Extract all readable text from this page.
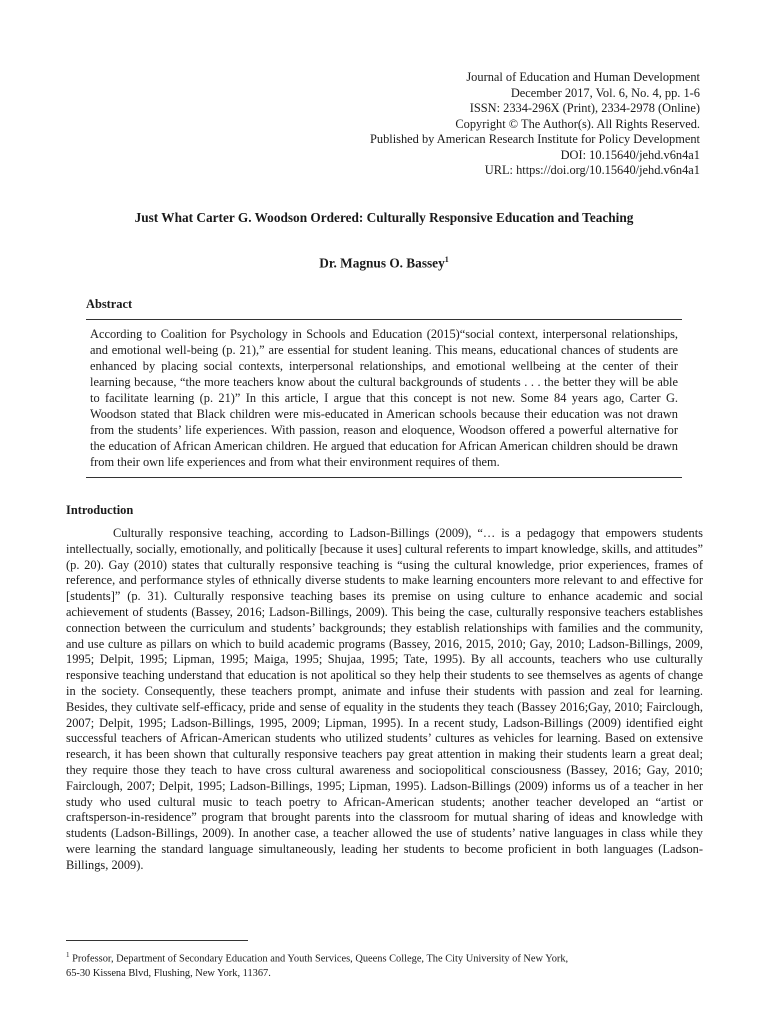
Journal of Education and Human Development
December 2017, Vol. 6, No. 4, pp. 1-6
ISSN: 2334-296X (Print), 2334-2978 (Online)
Copyright © The Author(s). All Rights Reserved.
Published by American Research Institute for Policy Development
DOI: 10.15640/jehd.v6n4a1
URL: https://doi.org/10.15640/jehd.v6n4a1
Just What Carter G. Woodson Ordered: Culturally Responsive Education and Teaching
Dr. Magnus O. Bassey$^1$
Abstract
According to Coalition for Psychology in Schools and Education (2015)“social context, interpersonal relationships, and emotional well-being (p. 21),” are essential for student leaning. This means, educational chances of students are enhanced by placing social contexts, interpersonal relationships, and emotional wellbeing at the center of their learning because, “the more teachers know about the cultural backgrounds of students . . . the better they will be able to facilitate learning (p. 21)” In this article, I argue that this concept is not new. Some 84 years ago, Carter G. Woodson stated that Black children were mis-educated in American schools because their education was not drawn from the students’ life experiences. With passion, reason and eloquence, Woodson offered a powerful alternative for the education of African American children. He argued that education for African American children should be drawn from their own life experiences and from what their environment requires of them.
Introduction
Culturally responsive teaching, according to Ladson-Billings (2009), “… is a pedagogy that empowers students intellectually, socially, emotionally, and politically [because it uses] cultural referents to impart knowledge, skills, and attitudes” (p. 20). Gay (2010) states that culturally responsive teaching is “using the cultural knowledge, prior experiences, frames of reference, and performance styles of ethnically diverse students to make learning encounters more relevant to and effective for [students]” (p. 31). Culturally responsive teaching bases its premise on using culture to enhance academic and social achievement of students (Bassey, 2016; Ladson-Billings, 2009). This being the case, culturally responsive teachers establishes connection between the curriculum and students’ backgrounds; they establish relationships with families and the community, and use culture as pillars on which to build academic programs (Bassey, 2016, 2015, 2010; Gay, 2010; Ladson-Billings, 2009, 1995; Delpit, 1995; Lipman, 1995; Maiga, 1995; Shujaa, 1995; Tate, 1995). By all accounts, teachers who use culturally responsive teaching understand that education is not apolitical so they help their students to see themselves as agents of change in the society. Consequently, these teachers prompt, animate and infuse their students with passion and zeal for learning. Besides, they cultivate self-efficacy, pride and sense of equality in the students they teach (Bassey 2016;Gay, 2010; Fairclough, 2007; Delpit, 1995; Ladson-Billings, 1995, 2009; Lipman, 1995). In a recent study, Ladson-Billings (2009) identified eight successful teachers of African-American students who utilized students’ cultures as vehicles for learning. Based on extensive research, it has been shown that culturally responsive teachers pay great attention in making their students learn a great deal; they require those they teach to have cross cultural awareness and sociopolitical consciousness (Bassey, 2016; Gay, 2010; Fairclough, 2007; Delpit, 1995; Ladson-Billings, 1995; Lipman, 1995). Ladson-Billings (2009) informs us of a teacher in her study who used cultural music to teach poetry to African-American students; another teacher developed an “artist or craftsperson-in-residence” program that brought parents into the classroom for mutual sharing of ideas and knowledge with students (Ladson-Billings, 2009). In another case, a teacher allowed the use of students’ native languages in class while they were learning the standard language simultaneously, leading her students to become proficient in both languages (Ladson-Billings, 2009).
$^1$ Professor, Department of Secondary Education and Youth Services, Queens College, The City University of New York,
65-30 Kissena Blvd, Flushing, New York, 11367.
